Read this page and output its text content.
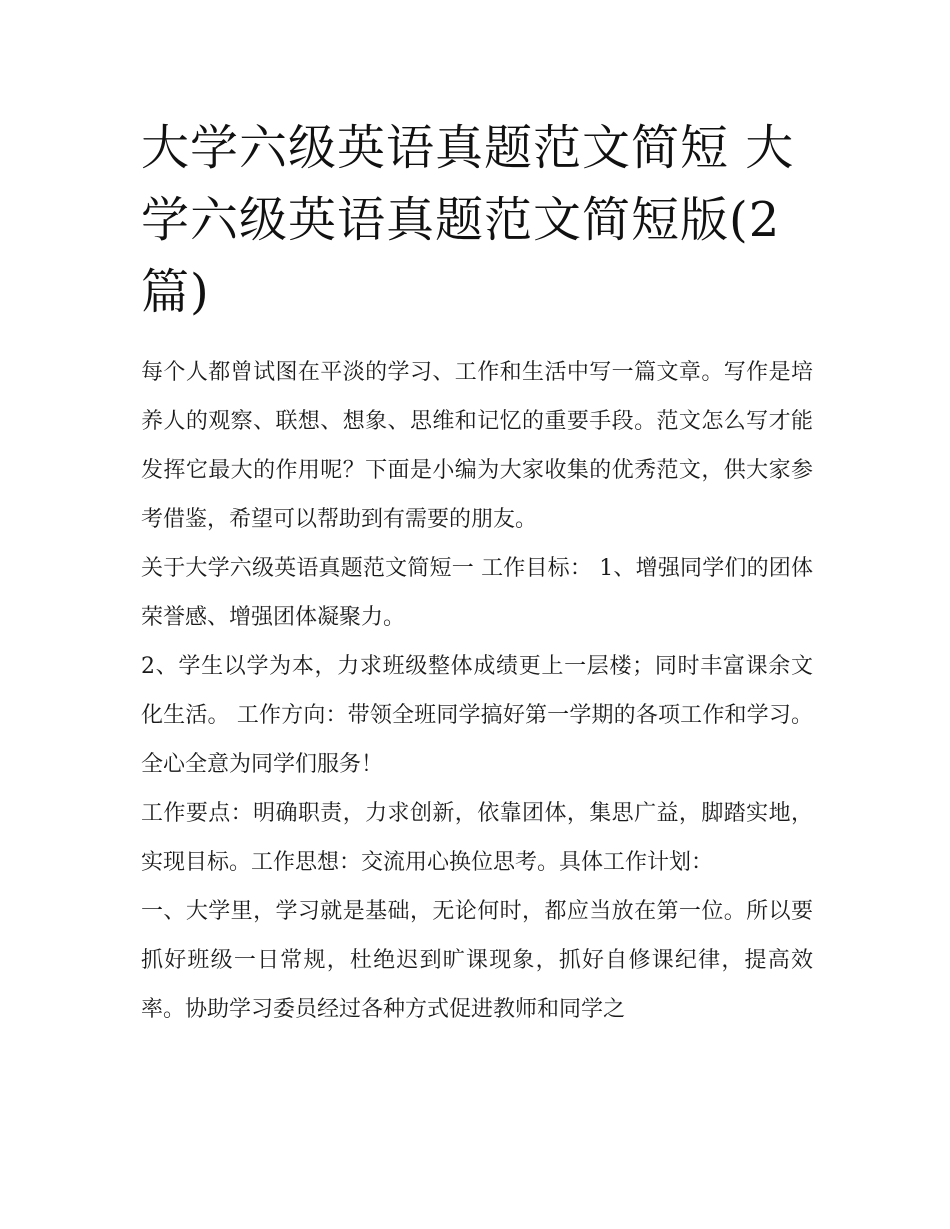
大学六级英语真题范文简短 大学六级英语真题范文简短版(2篇)

每个人都曾试图在平淡的学习、工作和生活中写一篇文章。写作是培养人的观察、联想、想象、思维和记忆的重要手段。范文怎么写才能发挥它最大的作用呢？下面是小编为大家收集的优秀范文，供大家参考借鉴，希望可以帮助到有需要的朋友。

关于大学六级英语真题范文简短一 工作目标： 1、增强同学们的团体荣誉感、增强团体凝聚力。

2、学生以学为本，力求班级整体成绩更上一层楼；同时丰富课余文化生活。 工作方向：带领全班同学搞好第一学期的各项工作和学习。全心全意为同学们服务！

工作要点：明确职责，力求创新，依靠团体，集思广益，脚踏实地，实现目标。工作思想：交流用心换位思考。具体工作计划：

一、大学里，学习就是基础，无论何时，都应当放在第一位。所以要抓好班级一日常规，杜绝迟到旷课现象，抓好自修课纪律，提高效率。协助学习委员经过各种方式促进教师和同学之
